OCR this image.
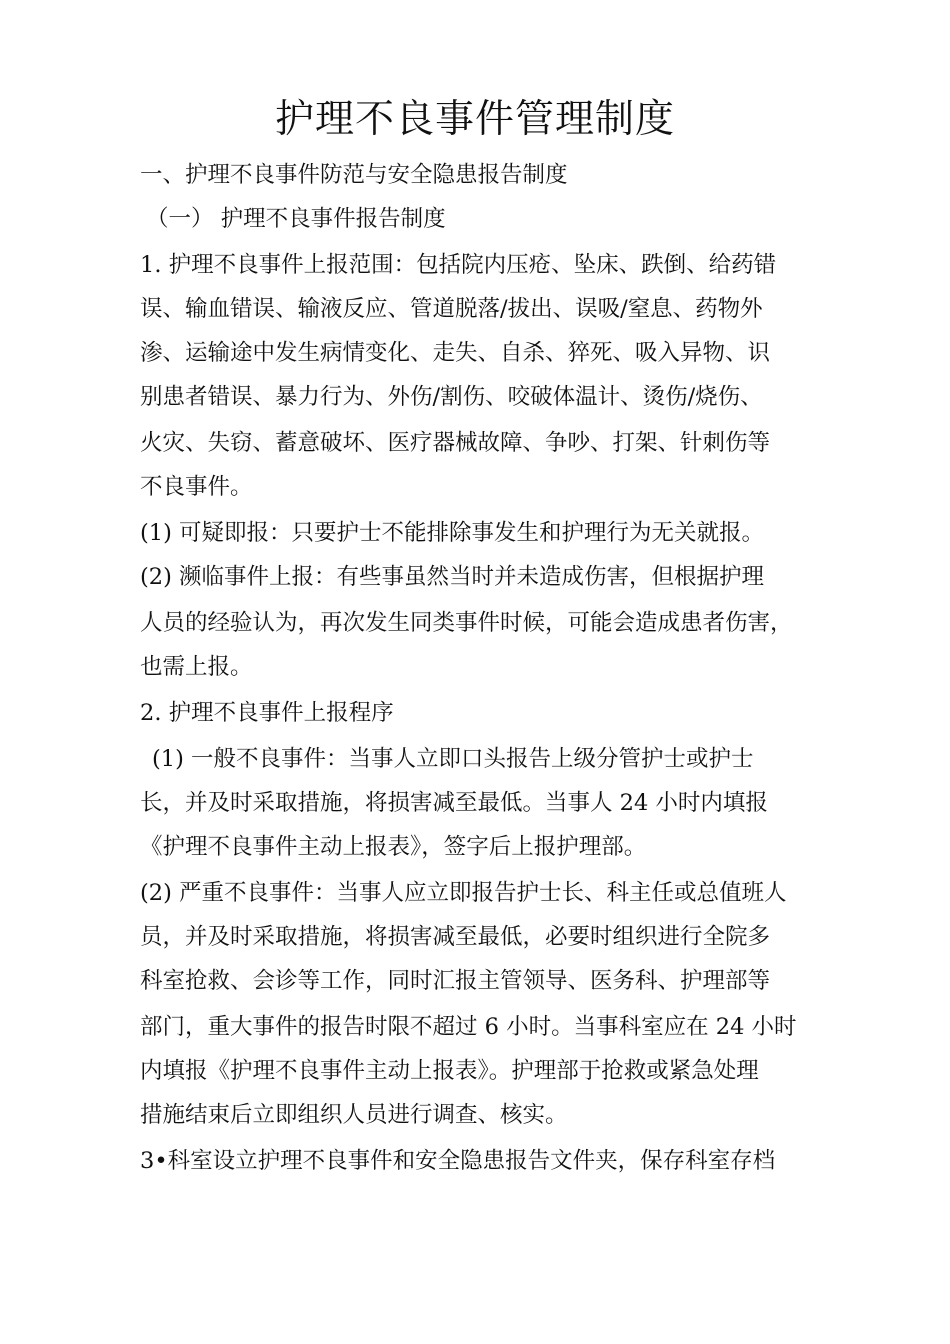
护理不良事件管理制度
一、护理不良事件防范与安全隐患报告制度
（一） 护理不良事件报告制度
1. 护理不良事件上报范围：包括院内压疮、坠床、跌倒、给药错
误、输血错误、输液反应、管道脱落/拔出、误吸/窒息、药物外
渗、运输途中发生病情变化、走失、自杀、猝死、吸入异物、识
别患者错误、暴力行为、外伤/割伤、咬破体温计、烫伤/烧伤、
火灾、失窃、蓄意破坏、医疗器械故障、争吵、打架、针刺伤等
不良事件。
(1) 可疑即报：只要护士不能排除事发生和护理行为无关就报。
(2) 濒临事件上报：有些事虽然当时并未造成伤害，但根据护理
人员的经验认为，再次发生同类事件时候，可能会造成患者伤害，
也需上报。
2. 护理不良事件上报程序
(1) 一般不良事件：当事人立即口头报告上级分管护士或护士
长，并及时采取措施，将损害减至最低。当事人 24 小时内填报
《护理不良事件主动上报表》，签字后上报护理部。
(2) 严重不良事件：当事人应立即报告护士长、科主任或总值班人
员，并及时采取措施，将损害减至最低，必要时组织进行全院多
科室抢救、会诊等工作，同时汇报主管领导、医务科、护理部等
部门，重大事件的报告时限不超过 6 小时。当事科室应在 24 小时
内填报《护理不良事件主动上报表》。护理部于抢救或紧急处理
措施结束后立即组织人员进行调查、核实。
3•科室设立护理不良事件和安全隐患报告文件夹，保存科室存档
